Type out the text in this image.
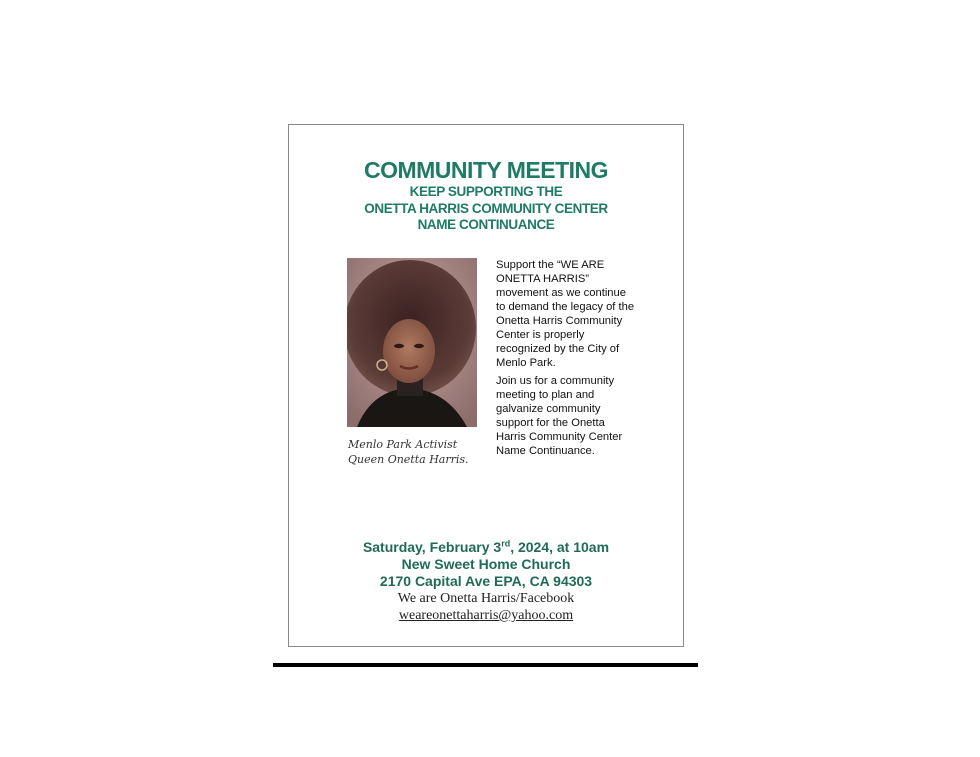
COMMUNITY MEETING
KEEP SUPPORTING THE
ONETTA HARRIS COMMUNITY CENTER
NAME CONTINUANCE
Menlo Park Activist
Queen Onetta Harris.

Support the “WE ARE ONETTA HARRIS” movement as we continue to demand the legacy of the Onetta Harris Community Center is properly recognized by the City of Menlo Park.

Join us for a community meeting to plan and galvanize community support for the Onetta Harris Community Center Name Continuance.

Saturday, February 3rd, 2024, at 10am
New Sweet Home Church
2170 Capital Ave EPA, CA 94303
We are Onetta Harris/Facebook
weareonettaharris@yahoo.com
